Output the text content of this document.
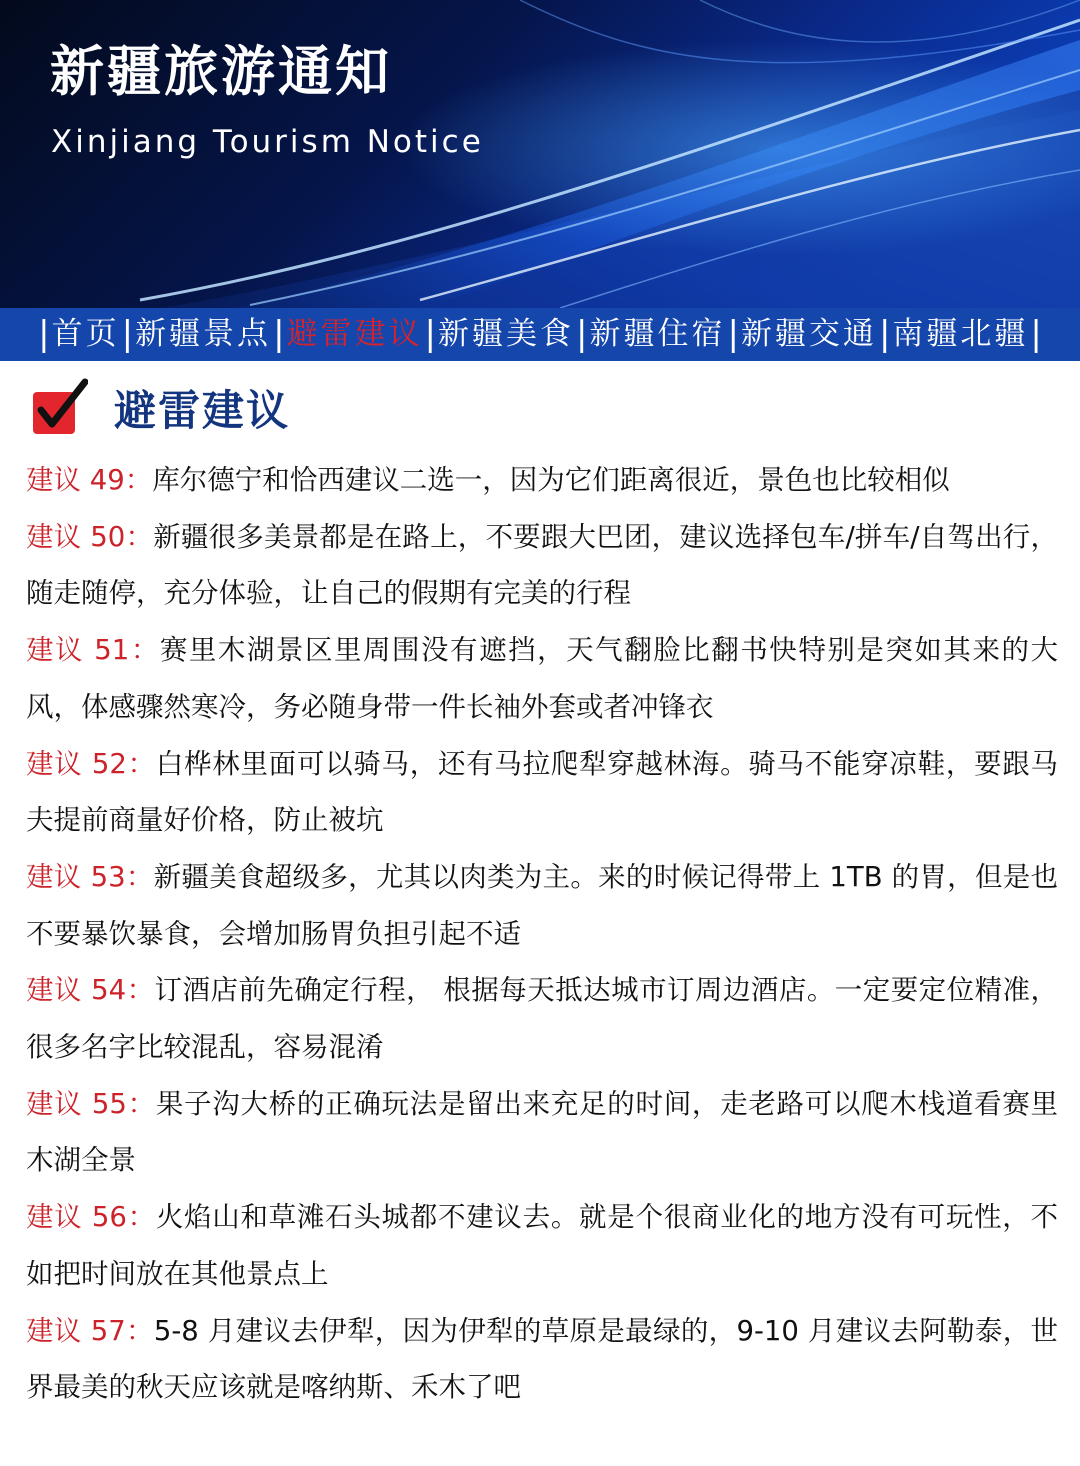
新疆旅游通知
Xinjiang Tourism Notice
| 首页 | 新疆景点 | 避雷建议 | 新疆美食 | 新疆住宿 | 新疆交通 | 南疆北疆 |
避雷建议
建议 49：库尔德宁和恰西建议二选一，因为它们距离很近，景色也比较相似
建议 50：新疆很多美景都是在路上，不要跟大巴团，建议选择包车/拼车/自驾出行，随走随停，充分体验，让自己的假期有完美的行程
建议 51：赛里木湖景区里周围没有遮挡，天气翻脸比翻书快特别是突如其来的大风，体感骤然寒冷，务必随身带一件长袖外套或者冲锋衣
建议 52：白桦林里面可以骑马，还有马拉爬犁穿越林海。骑马不能穿凉鞋，要跟马夫提前商量好价格，防止被坑
建议 53：新疆美食超级多，尤其以肉类为主。来的时候记得带上 1TB 的胃，但是也不要暴饮暴食，会增加肠胃负担引起不适
建议 54：订酒店前先确定行程， 根据每天抵达城市订周边酒店。一定要定位精准，很多名字比较混乱，容易混淆
建议 55：果子沟大桥的正确玩法是留出来充足的时间，走老路可以爬木栈道看赛里木湖全景
建议 56：火焰山和草滩石头城都不建议去。就是个很商业化的地方没有可玩性，不如把时间放在其他景点上
建议 57：5-8 月建议去伊犁，因为伊犁的草原是最绿的，9-10 月建议去阿勒泰，世界最美的秋天应该就是喀纳斯、禾木了吧
